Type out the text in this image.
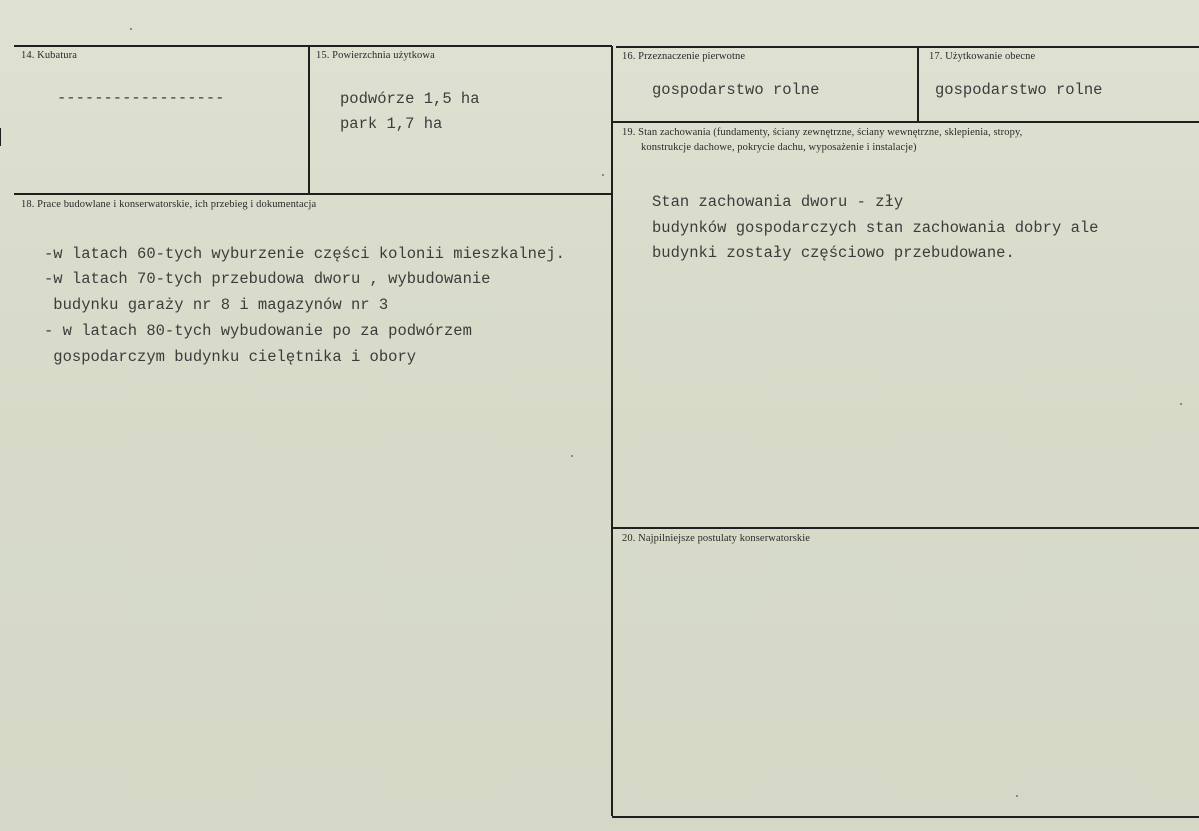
14. Kubatura
------------------
15. Powierzchnia użytkowa
podwórze 1,5 ha
park 1,7 ha
16. Przeznaczenie pierwotne
gospodarstwo rolne
17. Użytkowanie obecne
gospodarstwo rolne
18. Prace budowlane i konserwatorskie, ich przebieg i dokumentacja
-w latach 60-tych wyburzenie części kolonii mieszkalnej.
-w latach 70-tych przebudowa dworu , wybudowanie
budynku garaży nr 8 i magazynów nr 3
- w latach 80-tych wybudowanie po za podwórzem
gospodarczym budynku cielętnika i obory
19. Stan zachowania (fundamenty, ściany zewnętrzne, ściany wewnętrzne, sklepienia, stropy,
konstrukcje dachowe, pokrycie dachu, wyposażenie i instalacje)
Stan zachowania dworu - zły
budynków gospodarczych stan zachowania dobry ale
budynki zostały częściowo przebudowane.
20. Najpilniejsze postulaty konserwatorskie
